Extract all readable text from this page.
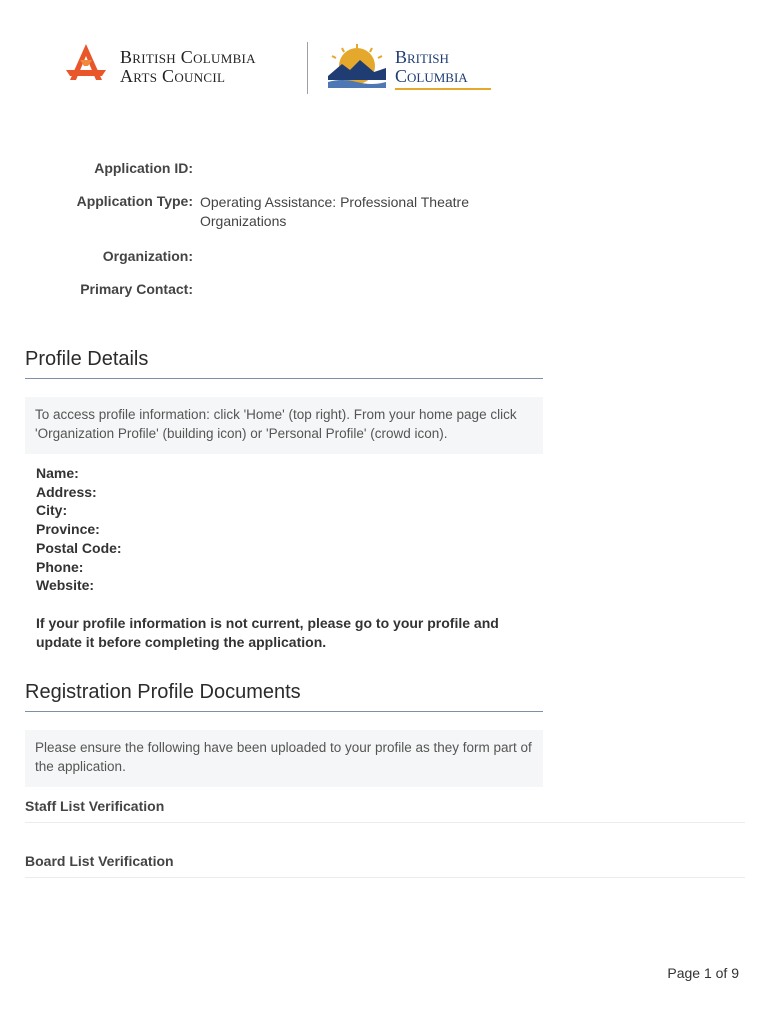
British Columbia
Arts Council
British
Columbia
Application ID:
Application Type: Operating Assistance: Professional Theatre Organizations
Organization:
Primary Contact:
Profile Details
To access profile information: click 'Home' (top right). From your home page click 'Organization Profile' (building icon) or 'Personal Profile' (crowd icon).
Name:
Address:
City:
Province:
Postal Code:
Phone:
Website:
If your profile information is not current, please go to your profile and update it before completing the application.
Registration Profile Documents
Please ensure the following have been uploaded to your profile as they form part of the application.
Staff List Verification
Board List Verification
Page 1 of 9
